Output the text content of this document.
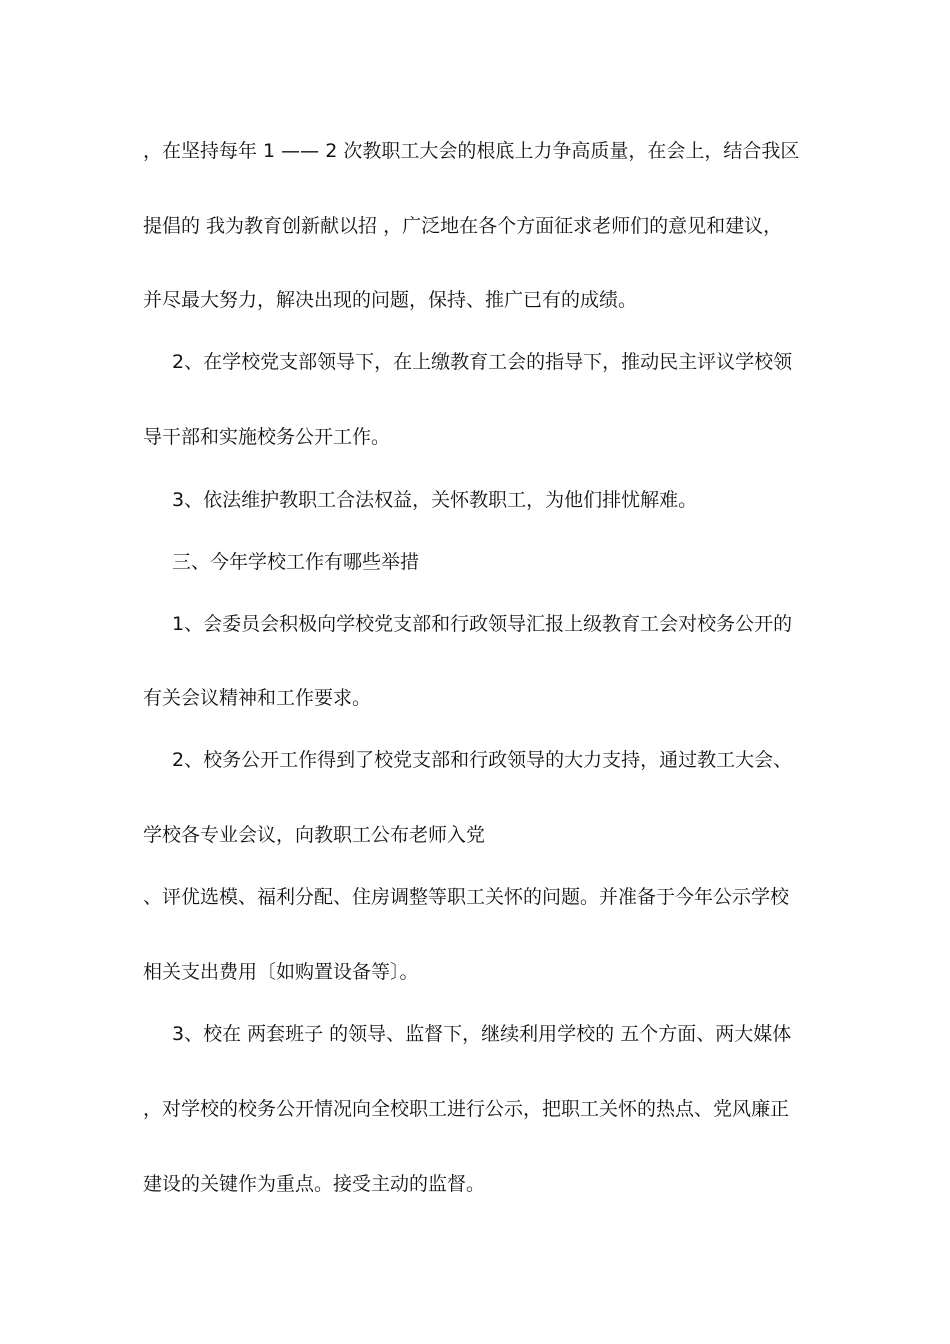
，在坚持每年 1 —— 2 次教职工大会的根底上力争高质量，在会上，结合我区

提倡的 我为教育创新献以招 ，广泛地在各个方面征求老师们的意见和建议，

并尽最大努力，解决出现的问题，保持、推广已有的成绩。

2、在学校党支部领导下，在上缴教育工会的指导下，推动民主评议学校领

导干部和实施校务公开工作。

3、依法维护教职工合法权益，关怀教职工，为他们排忧解难。

三、今年学校工作有哪些举措

1、会委员会积极向学校党支部和行政领导汇报上级教育工会对校务公开的

有关会议精神和工作要求。

2、校务公开工作得到了校党支部和行政领导的大力支持，通过教工大会、

学校各专业会议，向教职工公布老师入党

、评优选模、福利分配、住房调整等职工关怀的问题。并准备于今年公示学校

相关支出费用〔如购置设备等〕。

3、校在 两套班子 的领导、监督下，继续利用学校的 五个方面、两大媒体

，对学校的校务公开情况向全校职工进行公示，把职工关怀的热点、党风廉正

建设的关键作为重点。接受主动的监督。
